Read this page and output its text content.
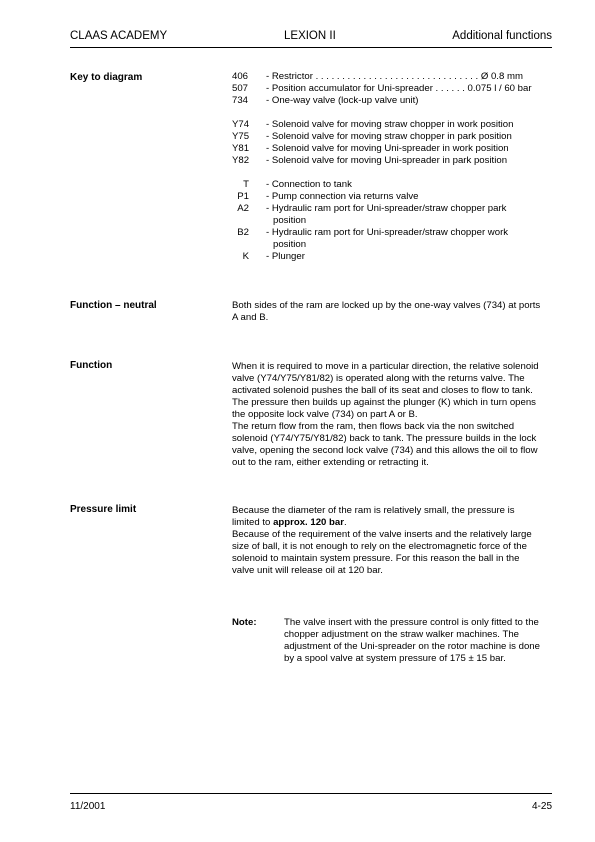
CLAAS ACADEMY	LEXION II	Additional functions
Key to diagram	406 - Restrictor . . . . . . . . . . . . . . . . . . . . . . . . . . . . . . . Ø 0.8 mm
507 - Position accumulator for Uni-spreader . . . . . . 0.075 l / 60 bar
734 - One-way valve (lock-up valve unit)
Y74 - Solenoid valve for moving straw chopper in work position
Y75 - Solenoid valve for moving straw chopper in park position
Y81 - Solenoid valve for moving Uni-spreader in work position
Y82 - Solenoid valve for moving Uni-spreader in park position
T - Connection to tank
P1 - Pump connection via returns valve
A2 - Hydraulic ram port for Uni-spreader/straw chopper park
position
B2 - Hydraulic ram port for Uni-spreader/straw chopper work
position
K - Plunger
Function – neutral	Both sides of the ram are locked up by the one-way valves (734) at ports
A and B.
Function	When it is required to move in a particular direction, the relative solenoid
valve (Y74/Y75/Y81/82) is operated along with the returns valve. The
activated solenoid pushes the ball of its seat and closes to flow to tank.
The pressure then builds up against the plunger (K) which in turn opens
the opposite lock valve (734) on part A or B.
The return flow from the ram, then flows back via the non switched
solenoid (Y74/Y75/Y81/82) back to tank. The pressure builds in the lock
valve, opening the second lock valve (734) and this allows the oil to flow
out to the ram, either extending or retracting it.
Pressure limit	Because the diameter of the ram is relatively small, the pressure is
limited to approx. 120 bar.
Because of the requirement of the valve inserts and the relatively large
size of ball, it is not enough to rely on the electromagnetic force of the
solenoid to maintain system pressure. For this reason the ball in the
valve unit will release oil at 120 bar.
Note:	The valve insert with the pressure control is only fitted to the
chopper adjustment on the straw walker machines. The
adjustment of the Uni-spreader on the rotor machine is done
by a spool valve at system pressure of 175 ± 15 bar.
11/2001	4-25
